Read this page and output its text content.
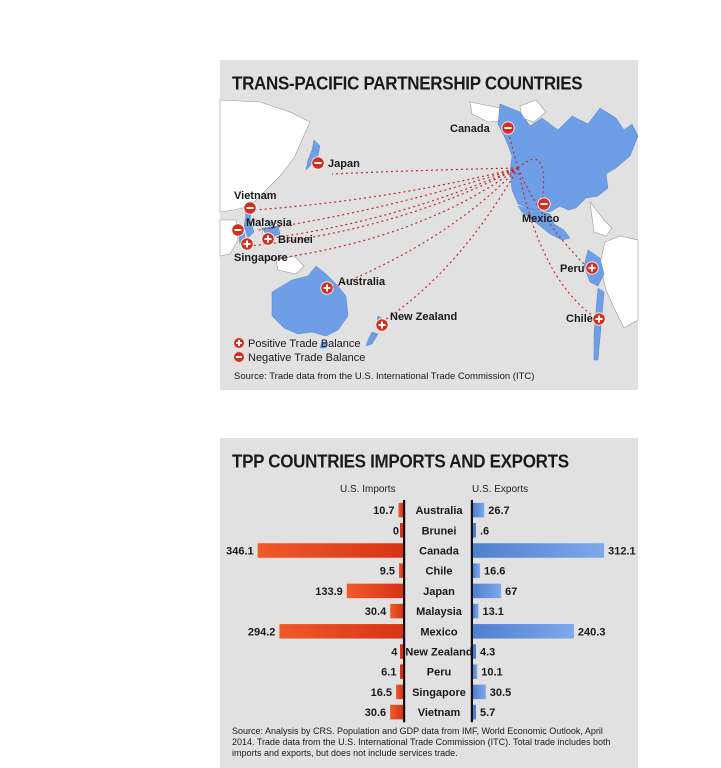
Canada
Japan
Vietnam
Malaysia
Brunei
Singapore
Australia
New Zealand
Mexico
Peru
Chile
TRANS-PACIFIC PARTNERSHIP COUNTRIES
Positive Trade Balance
Negative Trade Balance
Source: Trade data from the U.S. International Trade Commission (ITC)
TPP COUNTRIES IMPORTS AND EXPORTS
U.S. Imports	U.S. Exports
10.7 Australia 26.7
0 Brunei .6
346.1	Canada	312.1
9.5	Chile	16.6
133.9	Japan	67
30.4	Malaysia 13.1
294.2	Mexico	240.3
4 New Zealand 4.3
6.1	Peru	10.1
16.5 Singapore 30.5
30.6	Vietnam 5.7
Source: Analysis by CRS. Population and GDP data from IMF, World Economic Outlook, April 2014. Trade data from the U.S. International Trade Commission (ITC). Total trade includes both imports and exports, but does not include services trade.
